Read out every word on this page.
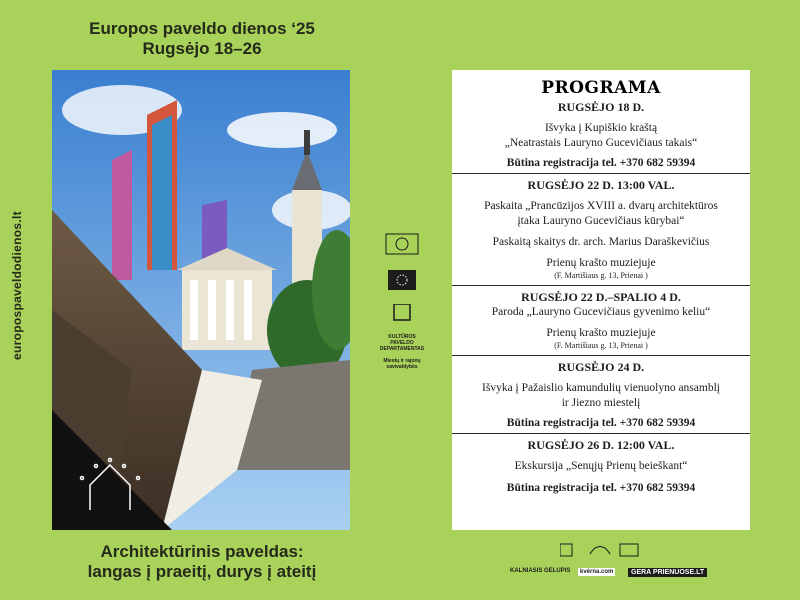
Europos paveldo dienos ‘25
Rugsėjo 18–26
europospaveldodienos.lt
Architektūrinis paveldas:
langas į praeitį, durys į ateitį
KULTŪROS PAVELDO DEPARTAMENTAS
Miestų ir rajonų savivaldybės
PROGRAMA
RUGSĖJO 18 D.
Išvyka į Kupiškio kraštą
„Neatrastais Lauryno Gucevičiaus takais“
Būtina registracija tel. +370 682 59394
RUGSĖJO 22 D. 13:00 VAL.
Paskaita „Prancūzijos XVIII a. dvarų architektūros
įtaka Lauryno Gucevičiaus kūrybai“
Paskaitą skaitys dr. arch. Marius Daraškevičius
Prienų krašto muziejuje
(F. Martišiaus g. 13, Prienai )
RUGSĖJO 22 D.–SPALIO 4 D.
Paroda „Lauryno Gucevičiaus gyvenimo keliu“
Prienų krašto muziejuje
(F. Martišiaus g. 13, Prienai )
RUGSĖJO 24 D.
Išvyka į Pažaislio kamundulių vienuolyno ansamblį
ir Jiezno miestelį
Būtina registracija tel. +370 682 59394
RUGSĖJO 26 D. 12:00 VAL.
Ekskursija „Senųjų Prienų beieškant“
Būtina registracija tel. +370 682 59394
KALNIASIS GELUPIS	kvėrna.com	GERA PRIENUOSE.LT
